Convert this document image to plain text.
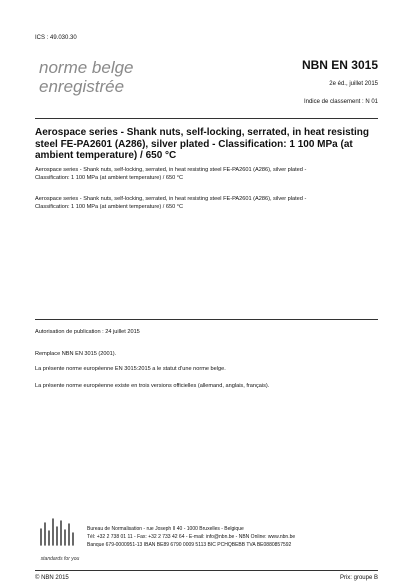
ICS : 49.030.30
norme belge
enregistrée
NBN EN 3015
2e éd., juillet 2015
Indice de classement : N 01
Aerospace series - Shank nuts, self-locking, serrated, in heat resisting steel FE-PA2601 (A286), silver plated - Classification: 1 100 MPa (at ambient temperature) / 650 °C
Aerospace series - Shank nuts, self-locking, serrated, in heat resisting steel FE-PA2601 (A286), silver plated -
Classification: 1 100 MPa (at ambient temperature) / 650 °C
Aerospace series - Shank nuts, self-locking, serrated, in heat resisting steel FE-PA2601 (A286), silver plated -
Classification: 1 100 MPa (at ambient temperature) / 650 °C
Autorisation de publication : 24 juillet 2015
Remplace NBN EN 3015 (2001).
La présente norme européenne EN 3015:2015 a le statut d'une norme belge.
La présente norme européenne existe en trois versions officielles (allemand, anglais, français).
standards for you
Bureau de Normalisation - rue Joseph II 40 - 1000 Bruxelles - Belgique
Tél: +32 2 738 01 11 - Fax: +32 2 733 42 64 - E-mail: info@nbn.be - NBN Online: www.nbn.be
Banque 679-0000951-13 IBAN BE89 6790 0009 5113 BIC PCHQBEBB TVA BE0880857592
© NBN 2015	Prix: groupe B
